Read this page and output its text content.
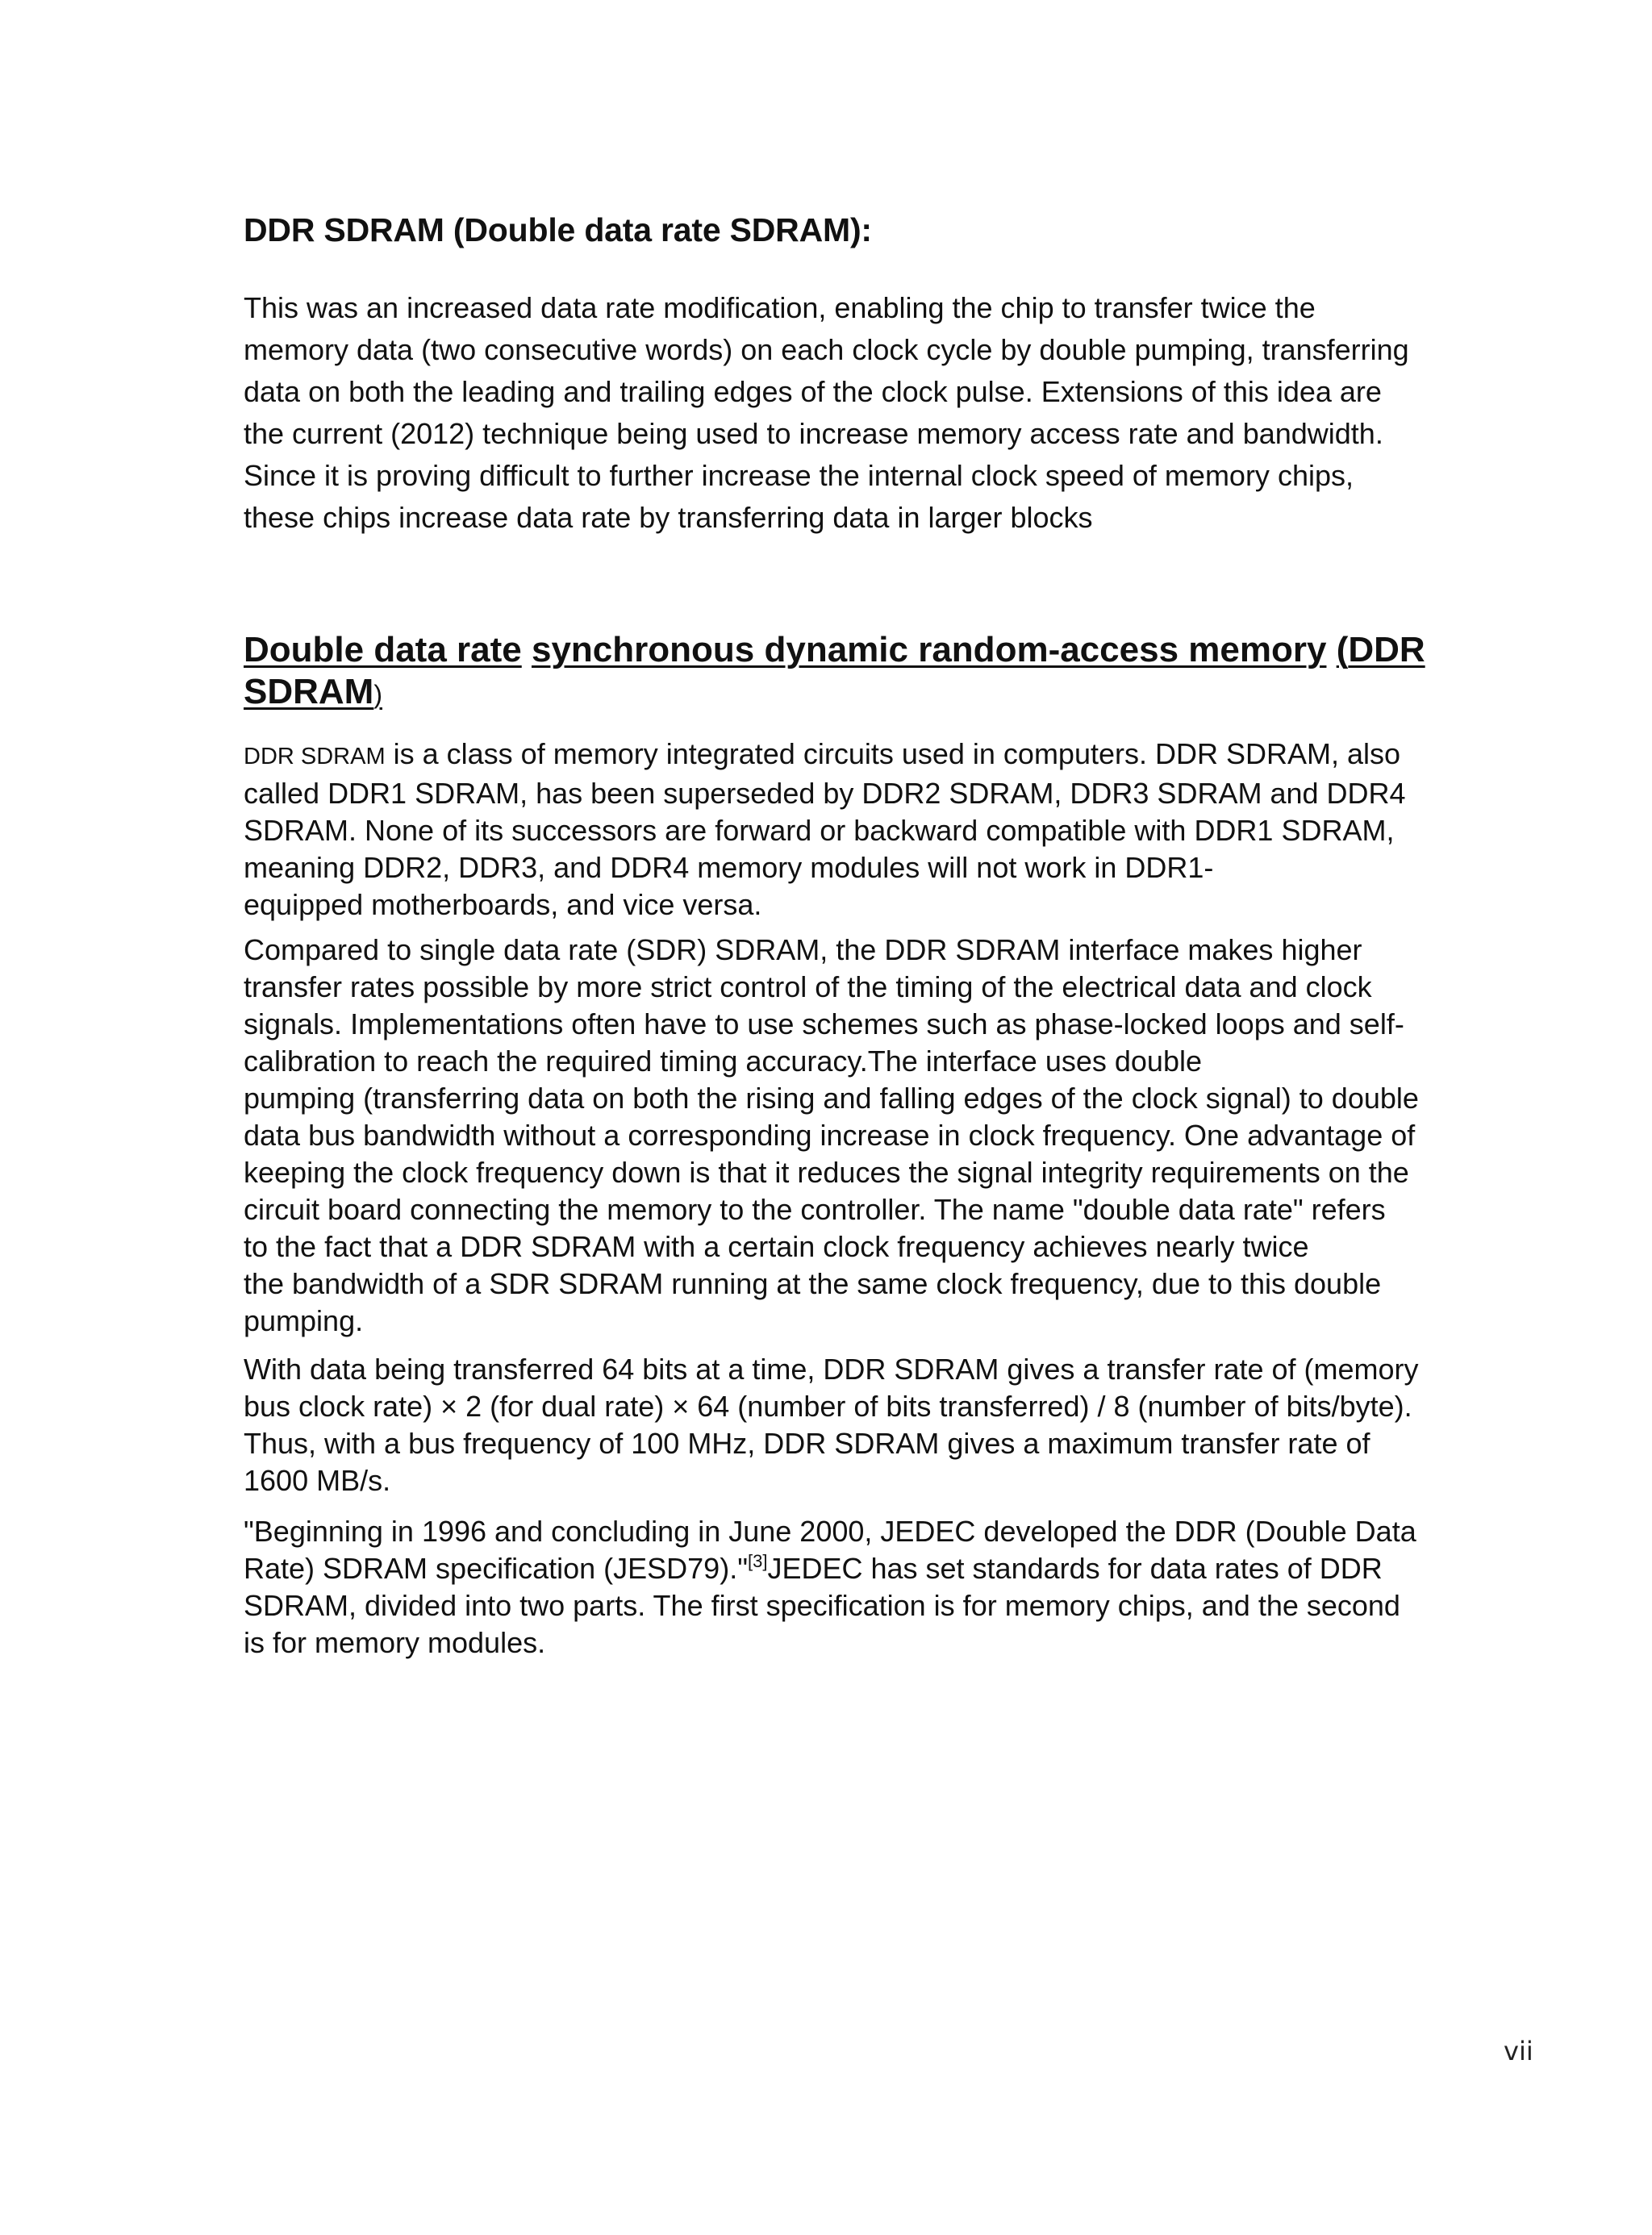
DDR SDRAM (Double data rate SDRAM):

This was an increased data rate modification, enabling the chip to transfer twice the
memory data (two consecutive words) on each clock cycle by double pumping, transferring
data on both the leading and trailing edges of the clock pulse. Extensions of this idea are
the current (2012) technique being used to increase memory access rate and bandwidth.
Since it is proving difficult to further increase the internal clock speed of memory chips,
these chips increase data rate by transferring data in larger blocks

Double data rate synchronous dynamic random-access memory (DDR
SDRAM)

DDR SDRAM is a class of memory integrated circuits used in computers. DDR SDRAM, also
called DDR1 SDRAM, has been superseded by DDR2 SDRAM, DDR3 SDRAM and DDR4
SDRAM. None of its successors are forward or backward compatible with DDR1 SDRAM,
meaning DDR2, DDR3, and DDR4 memory modules will not work in DDR1-
equipped motherboards, and vice versa.

Compared to single data rate (SDR) SDRAM, the DDR SDRAM interface makes higher
transfer rates possible by more strict control of the timing of the electrical data and clock
signals. Implementations often have to use schemes such as phase-locked loops and self-
calibration to reach the required timing accuracy.The interface uses double
pumping (transferring data on both the rising and falling edges of the clock signal) to double
data bus bandwidth without a corresponding increase in clock frequency. One advantage of
keeping the clock frequency down is that it reduces the signal integrity requirements on the
circuit board connecting the memory to the controller. The name "double data rate" refers
to the fact that a DDR SDRAM with a certain clock frequency achieves nearly twice
the bandwidth of a SDR SDRAM running at the same clock frequency, due to this double
pumping.

With data being transferred 64 bits at a time, DDR SDRAM gives a transfer rate of (memory
bus clock rate) × 2 (for dual rate) × 64 (number of bits transferred) / 8 (number of bits/byte).
Thus, with a bus frequency of 100 MHz, DDR SDRAM gives a maximum transfer rate of
1600 MB/s.

"Beginning in 1996 and concluding in June 2000, JEDEC developed the DDR (Double Data
Rate) SDRAM specification (JESD79)."[3]JEDEC has set standards for data rates of DDR
SDRAM, divided into two parts. The first specification is for memory chips, and the second
is for memory modules.

vii
